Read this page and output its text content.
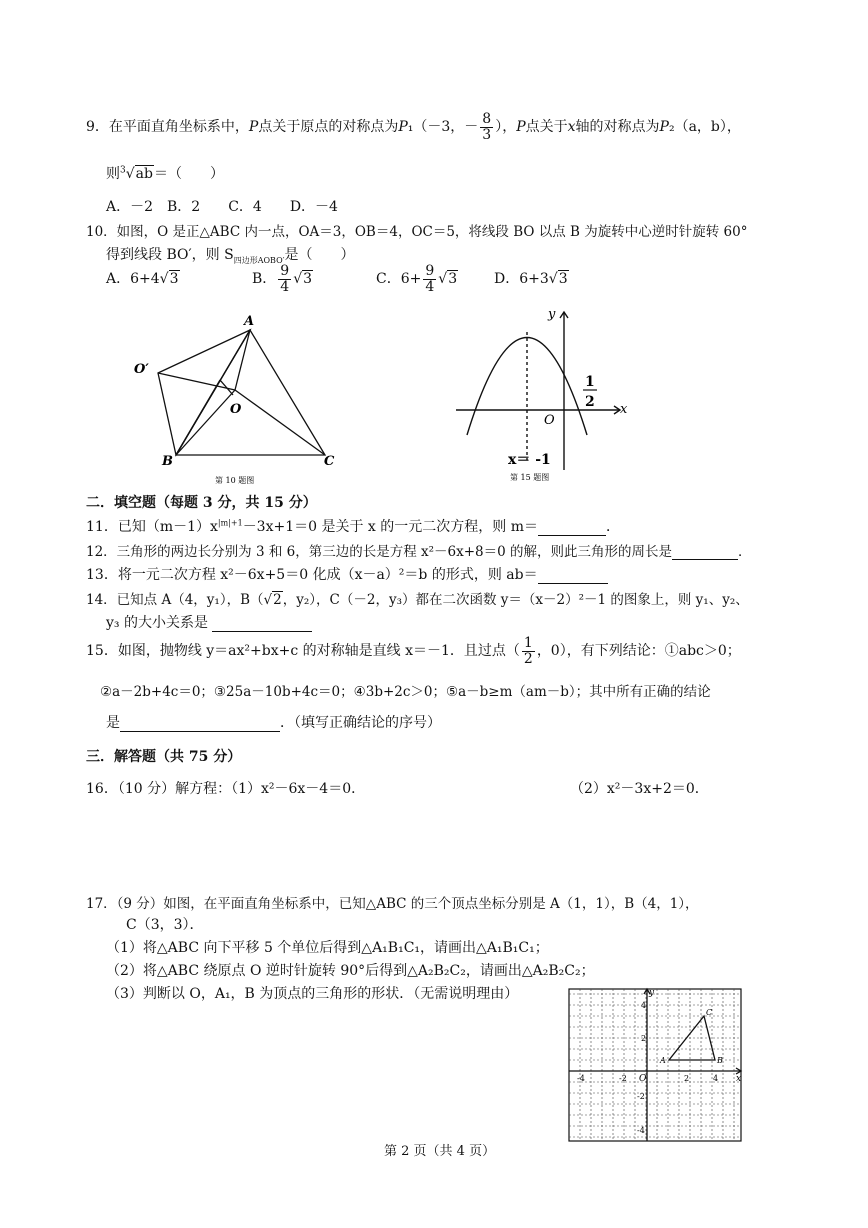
9．在平面直角坐标系中，P点关于原点的对称点为P₁（－3，－ $\frac{8}{3}$ ），P点关于x轴的对称点为P₂（a，b），
则$^3$√ab＝（　　）
A．－2　B．2　　C．4　　D．－4
10．如图，O 是正△ABC 内一点，OA＝3，OB＝4，OC＝5，将线段 BO 以点 B 为旋转中心逆时针旋转 60°
得到线段 BO′，则 $S_{四边形AOBO'}$是（　　）
A．6+4√3	B． $\frac{9}{4} √3$	C．$6+ \frac{9}{4} √3$	D．6+3√3
A
O′
O
B	C
第 10 题图
y
x
O
1
2
x＝ -1
第 15 题图
二．填空题（每题 3 分，共 15 分）
11．已知$(m-1)x^{|m|+1}-3x+1=0$ 是关于 x 的一元二次方程，则 m＝	．
12．三角形的两边长分别为 3 和 6，第三边的长是方程 x²－6x+8＝0 的解，则此三角形的周长是	．
13．将一元二次方程 x²－6x+5＝0 化成（x－a）²＝b 的形式，则 ab＝
14．已知点 A（4，y₁），B（√2，y₂），C（－2，y₃）都在二次函数 y＝（x－2）²－1 的图象上，则 y₁、y₂、
y₃ 的大小关系是
15．如图，抛物线 y＝ax²+bx+c 的对称轴是直线 x＝－1．且过点（ $\frac{1}{2}$ ，0），有下列结论：①abc＞0；
②a－2b+4c＝0；③25a－10b+4c＝0；④3b+2c＞0；⑤a－b≥m（am－b）；其中所有正确的结论
是	．（填写正确结论的序号）
三．解答题（共 75 分）
16．（10 分）解方程：（1）x²－6x－4＝0．	（2）x²－3x+2＝0．
17．（9 分）如图，在平面直角坐标系中，已知△ABC 的三个顶点坐标分别是 A（1，1），B（4，1），
C（3，3）．
（1）将△ABC 向下平移 5 个单位后得到△A₁B₁C₁，请画出△A₁B₁C₁；
（2）将△ABC 绕原点 O 逆时针旋转 90°后得到△A₂B₂C₂，请画出△A₂B₂C₂；
（3）判断以 O，A₁，B 为顶点的三角形的形状．（无需说明理由）
O	x
y
-4	-2	2	4
4
2
-2
-4
A	B
C
第 2 页（共 4 页）
